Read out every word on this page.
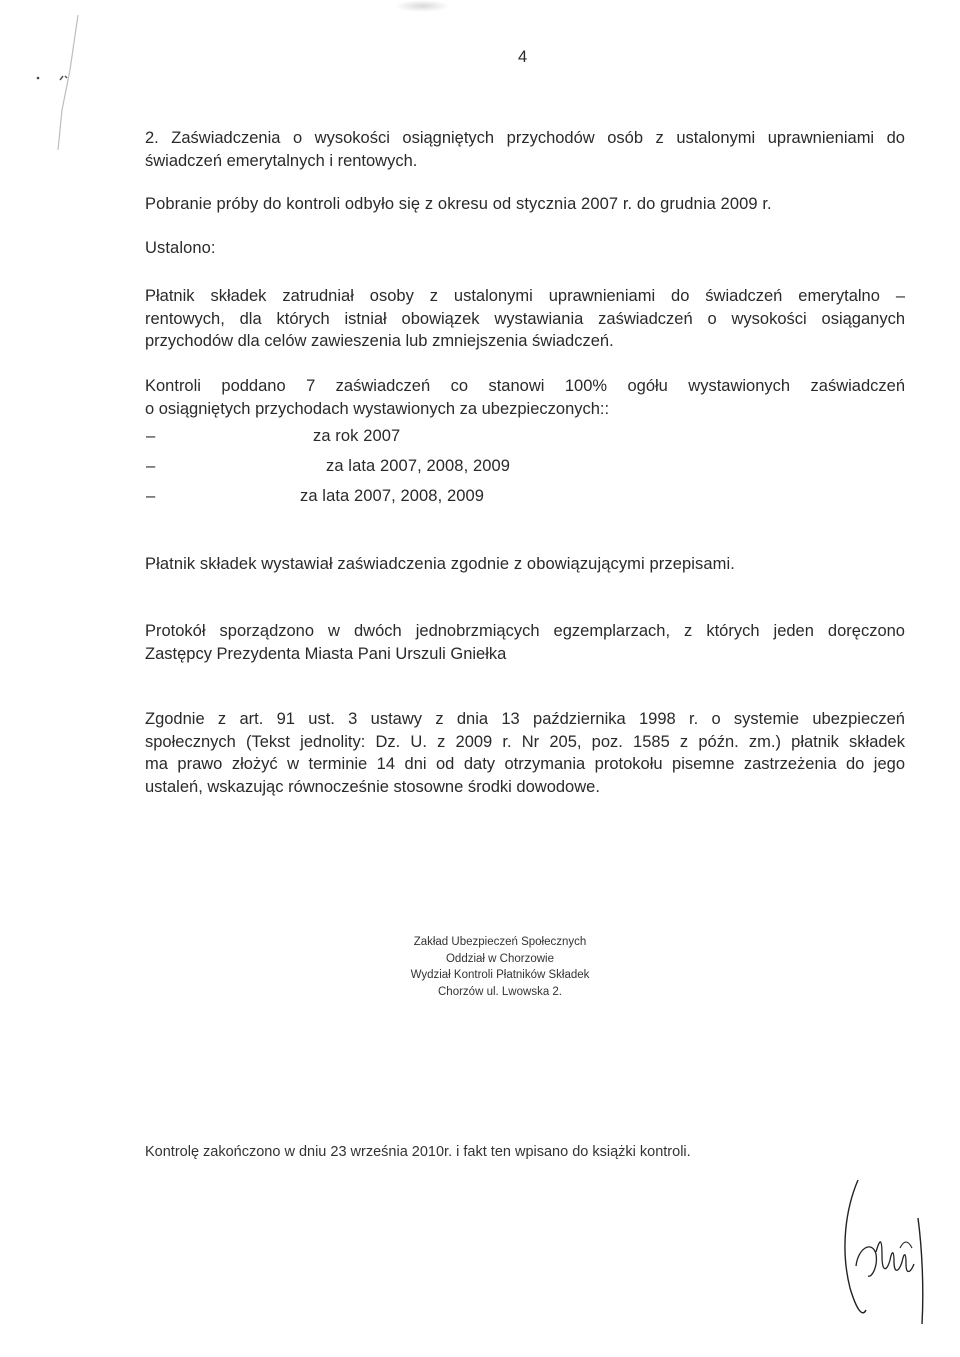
4
2. Zaświadczenia o wysokości osiągniętych przychodów osób z ustalonymi uprawnieniami do
świadczeń emerytalnych i rentowych.
Pobranie próby do kontroli odbyło się z okresu od stycznia 2007 r. do grudnia 2009 r.
Ustalono:
Płatnik składek zatrudniał osoby z ustalonymi uprawnieniami do świadczeń emerytalno –
rentowych, dla których istniał obowiązek wystawiania zaświadczeń o wysokości osiąganych
przychodów dla celów zawieszenia lub zmniejszenia świadczeń.
Kontroli poddano 7 zaświadczeń co stanowi 100% ogółu wystawionych zaświadczeń
o osiągniętych przychodach wystawionych za ubezpieczonych::
–	za rok 2007
–	za lata 2007, 2008, 2009
–	za lata 2007, 2008, 2009
Płatnik składek wystawiał zaświadczenia zgodnie z obowiązującymi przepisami.
Protokół sporządzono w dwóch jednobrzmiących egzemplarzach, z których jeden doręczono
Zastępcy Prezydenta Miasta Pani Urszuli Gniełka
Zgodnie z art. 91 ust. 3 ustawy z dnia 13 października 1998 r. o systemie ubezpieczeń
społecznych (Tekst jednolity: Dz. U. z 2009 r. Nr 205, poz. 1585 z późn. zm.) płatnik składek
ma prawo złożyć w terminie 14 dni od daty otrzymania protokołu pisemne zastrzeżenia do jego
ustaleń, wskazując równocześnie stosowne środki dowodowe.
Zakład Ubezpieczeń Społecznych
Oddział w Chorzowie
Wydział Kontroli Płatników Składek
Chorzów ul. Lwowska 2.
Kontrolę zakończono w dniu 23 września 2010r. i fakt ten wpisano do książki kontroli.
